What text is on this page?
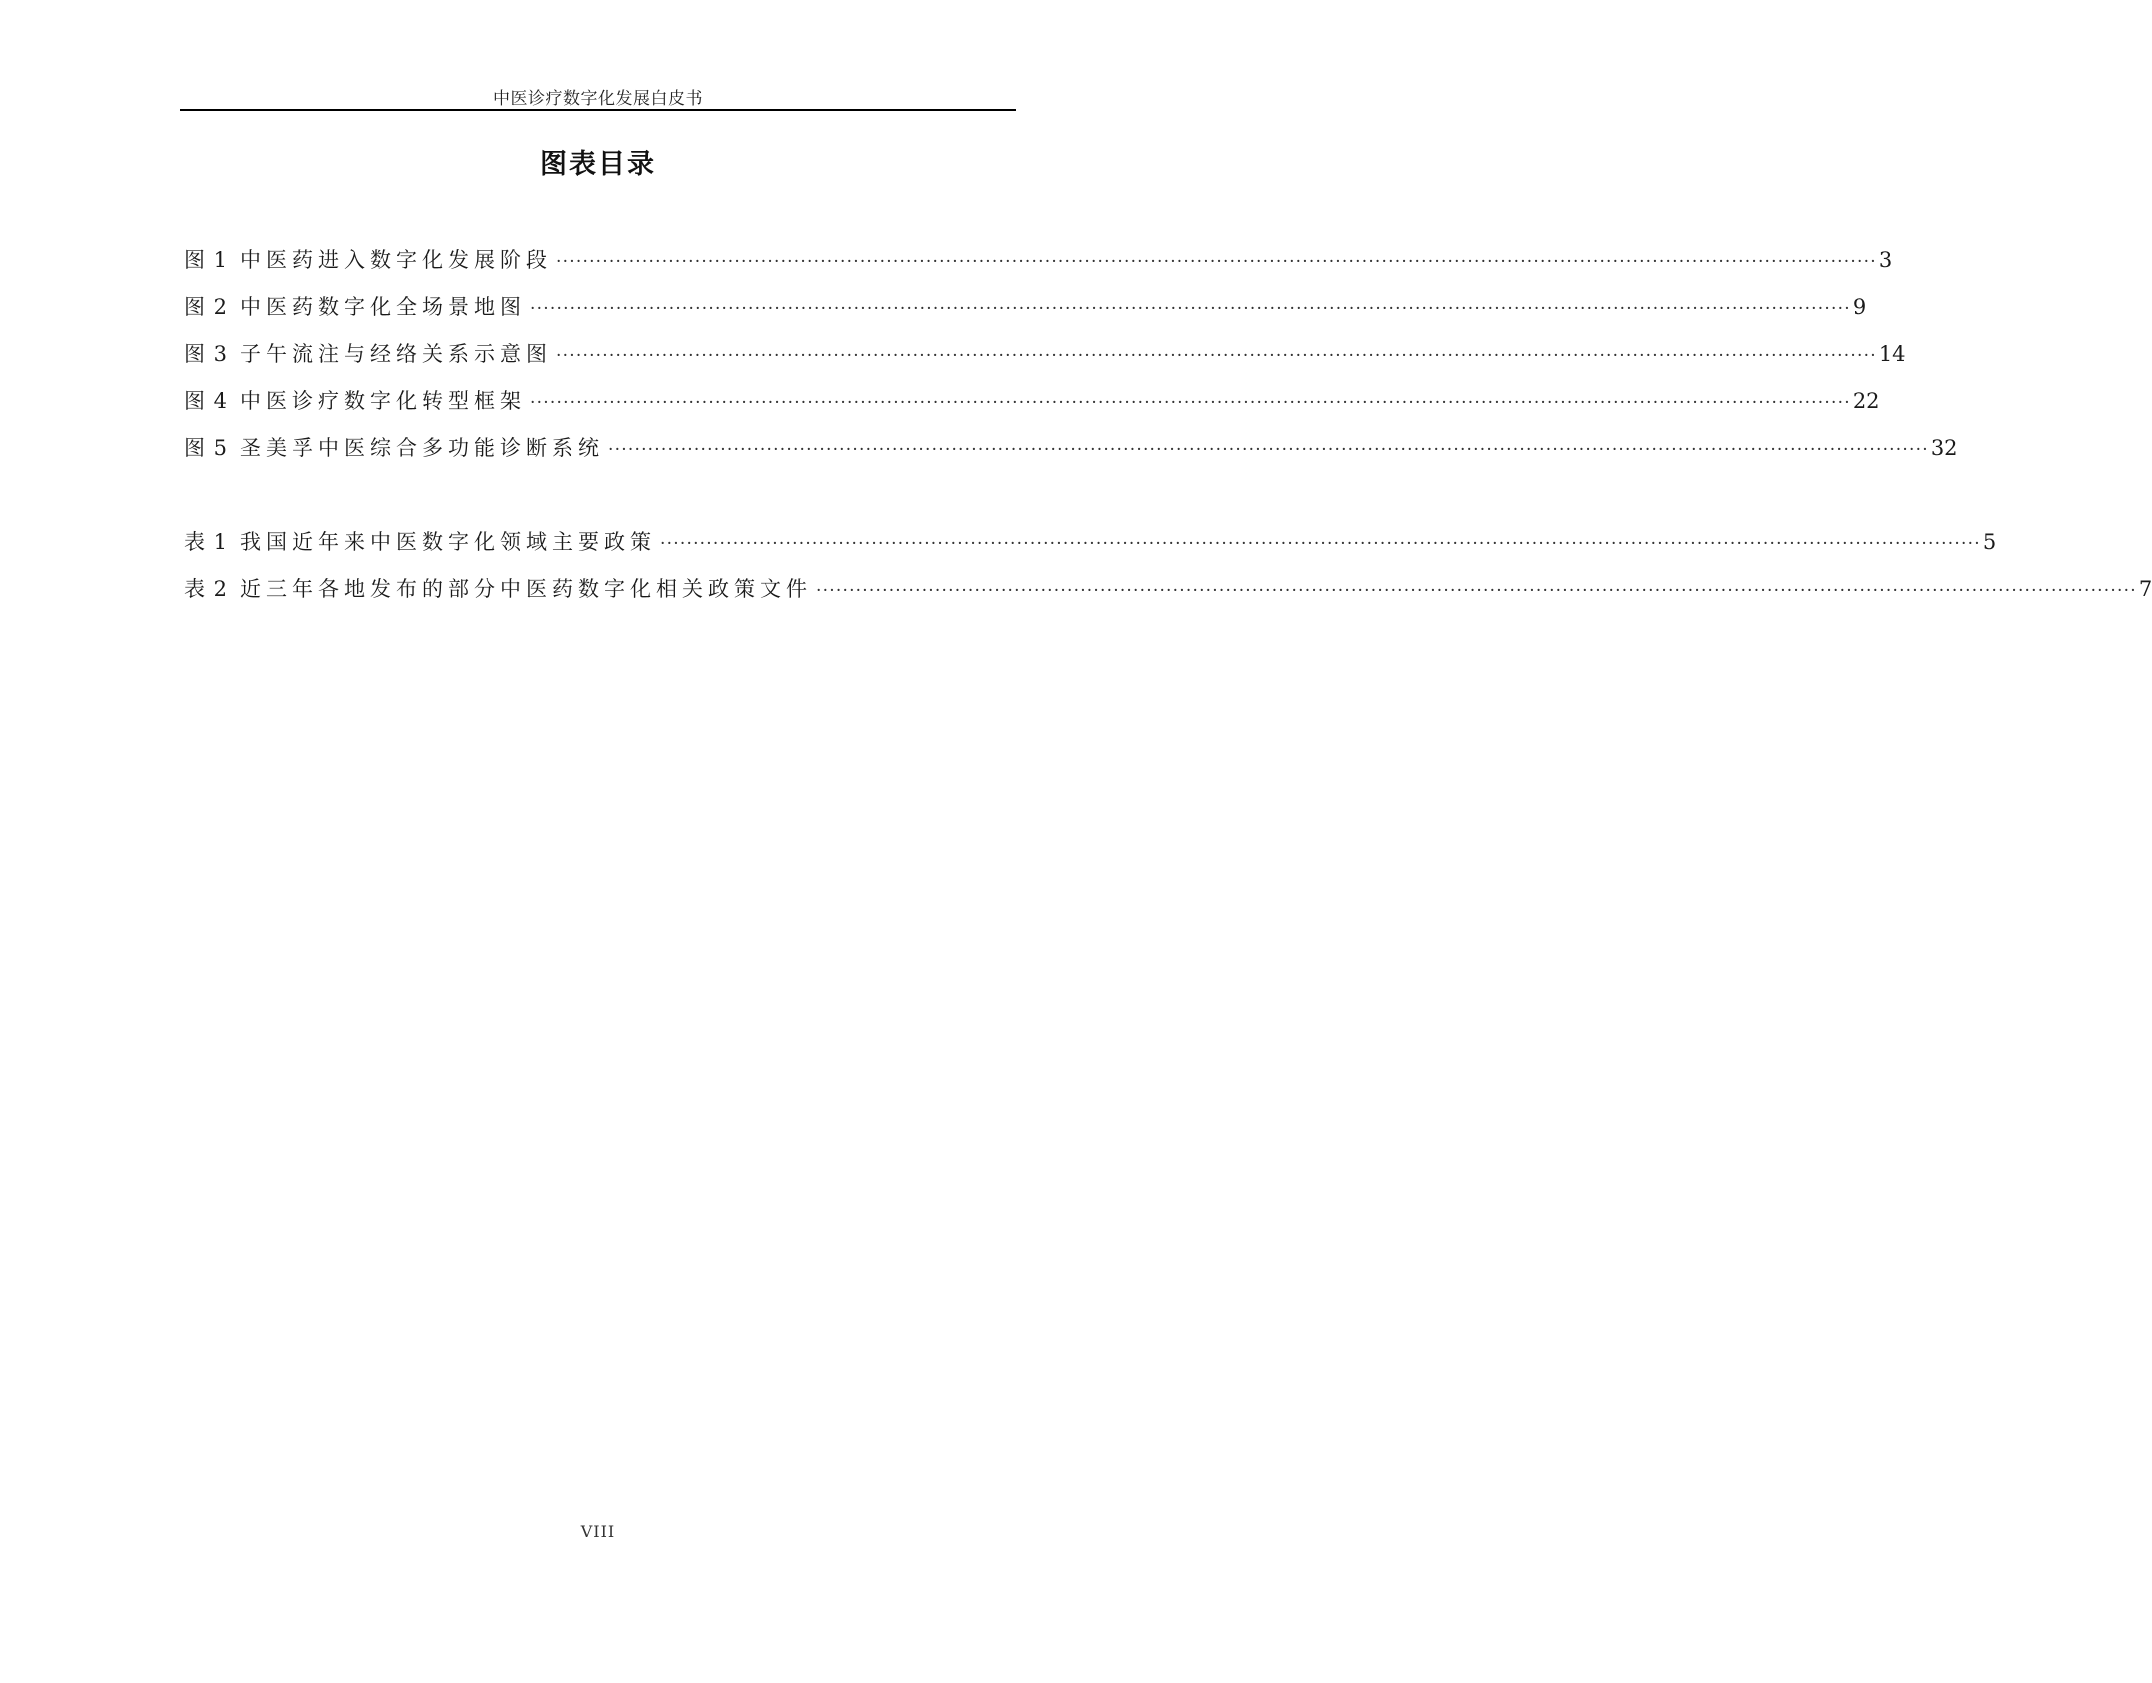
中医诊疗数字化发展白皮书
图表目录
图 1 中医药进入数字化发展阶段 ········································································································································································································ 3
图 2 中医药数字化全场景地图 ········································································································································································································ 9
图 3 子午流注与经络关系示意图 ········································································································································································································ 14
图 4 中医诊疗数字化转型框架 ········································································································································································································ 22
图 5 圣美孚中医综合多功能诊断系统 ········································································································································································································ 32
表 1 我国近年来中医数字化领域主要政策 ········································································································································································································ 5
表 2 近三年各地发布的部分中医药数字化相关政策文件 ········································································································································································································ 7
VIII
